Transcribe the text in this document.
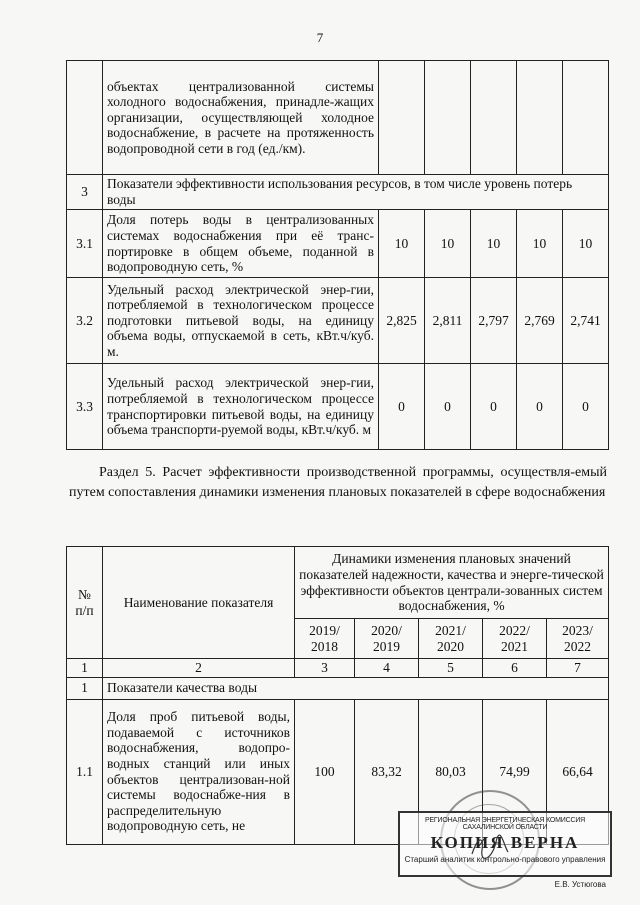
7
	объектах централизованной системы холодного водоснабжения, принадле-жащих организации, осуществляющей холодное водоснабжение, в расчете на протяженность водопроводной сети в год (ед./км).					
3	Показатели эффективности использования ресурсов, в том числе уровень потерь воды					
3.1	Доля потерь воды в централизованных системах водоснабжения при её транс-портировке в общем объеме, поданной в водопроводную сеть, %	10	10	10	10	10
3.2	Удельный расход электрической энер-гии, потребляемой в технологическом процессе подготовки питьевой воды, на единицу объема воды, отпускаемой в сеть, кВт.ч/куб. м.	2,825	2,811	2,797	2,769	2,741
3.3	Удельный расход электрической энер-гии, потребляемой в технологическом процессе транспортировки питьевой воды, на единицу объема транспорти-руемой воды, кВт.ч/куб. м	0	0	0	0	0
Раздел 5. Расчет эффективности производственной программы, осуществля-емый путем сопоставления динамики изменения плановых показателей в сфере водоснабжения
№ п/п	Наименование показателя	Динамики изменения плановых значений показателей надежности, качества и энерге-тической эффективности объектов централи-зованных систем водоснабжения, %				
		2019/ 2018	2020/ 2019	2021/ 2020	2022/ 2021	2023/ 2022
1	2	3	4	5	6	7
1	Показатели качества воды					
1.1	Доля проб питьевой воды, подаваемой с источников водоснабжения, водопро-водных станций или иных объектов централизован-ной системы водоснабже-ния в распределительную водопроводную сеть, не	100	83,32	80,03	74,99	66,64
РЕГИОНАЛЬНАЯ ЭНЕРГЕТИЧЕСКАЯ КОМИССИЯ САХАЛИНСКОЙ ОБЛАСТИ
КОПИЯ ВЕРНА
Старший аналитик контрольно-правового управления
Е.В. Устюгова
